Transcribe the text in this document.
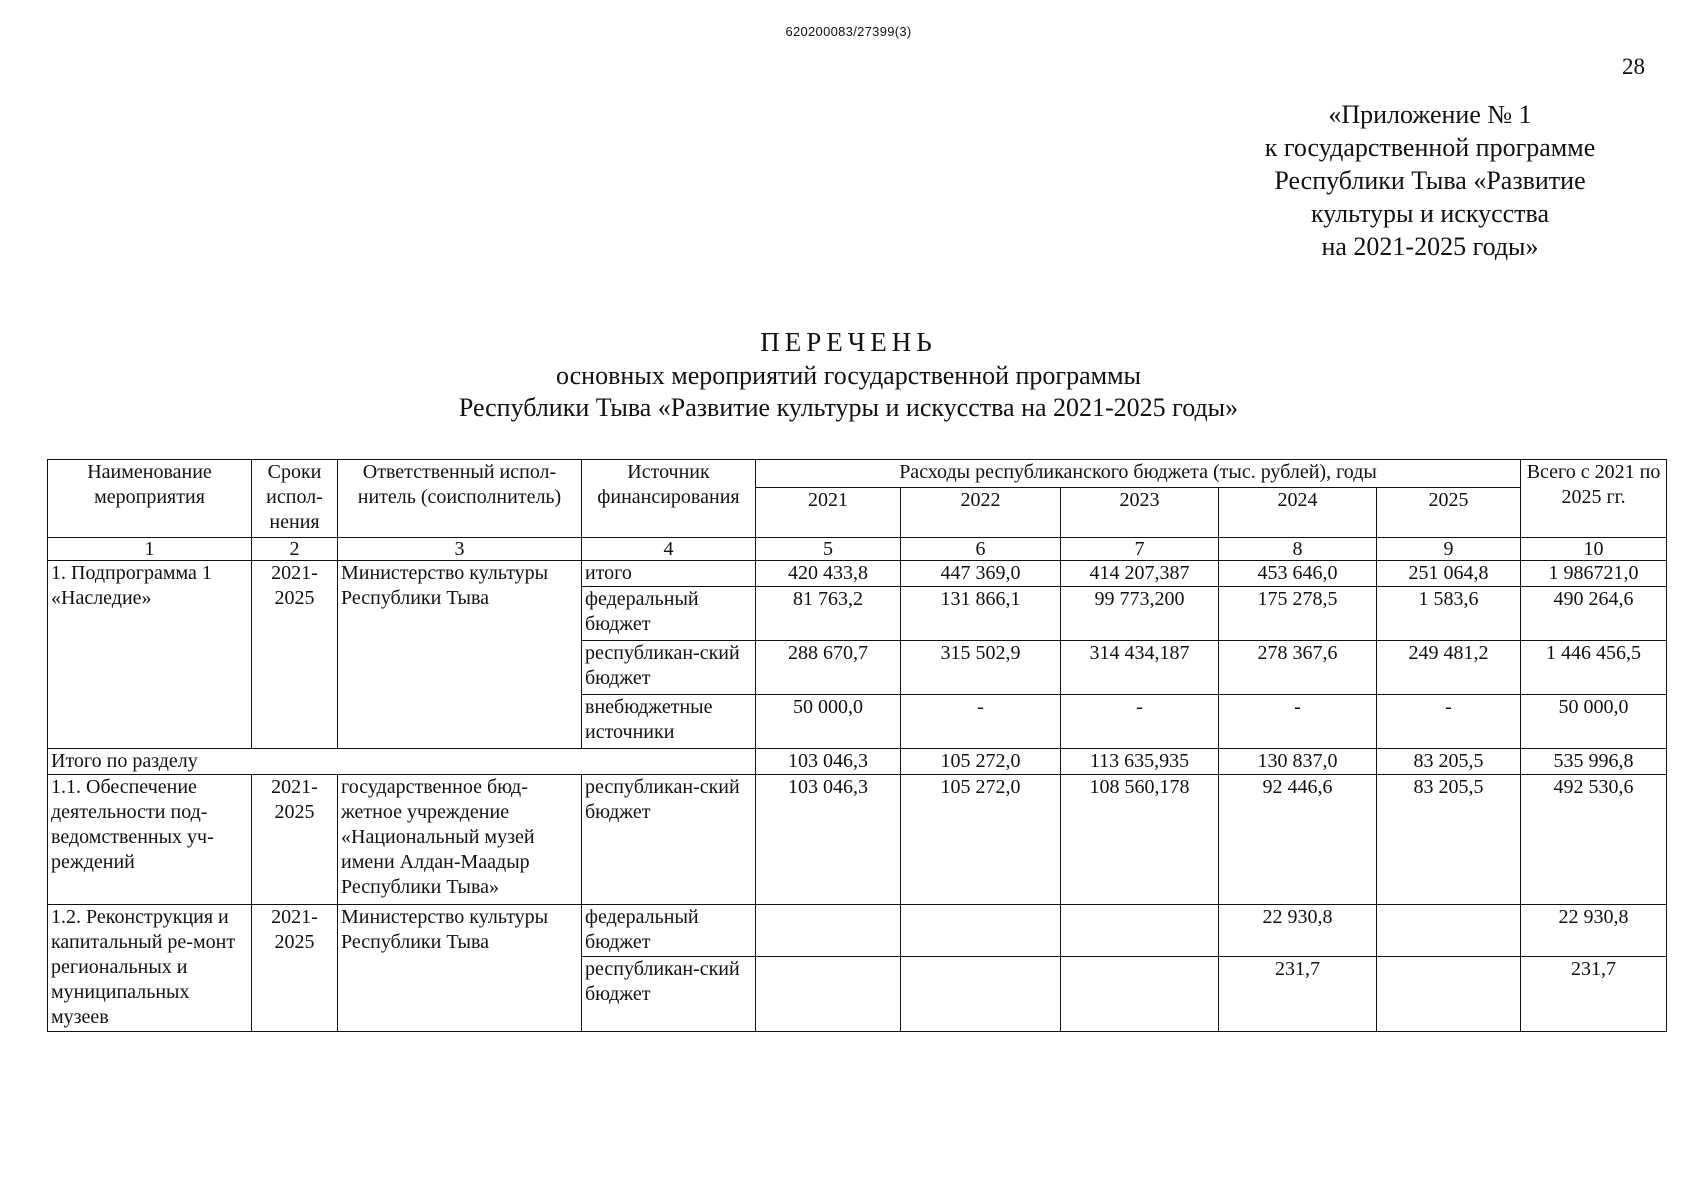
620200083/27399(3)
28
«Приложение № 1
к государственной программе
Республики Тыва «Развитие
культуры и искусства
на 2021-2025 годы»
ПЕРЕЧЕНЬ
основных мероприятий государственной программы
Республики Тыва «Развитие культуры и искусства на 2021-2025 годы»
Наименование мероприятия	Сроки испол-нения	Ответственный испол-нитель (соисполнитель)	Источник финансирования	Расходы республиканского бюджета (тыс. рублей), годы					Всего с 2021 по 2025 гг.
				2021	2022	2023	2024	2025	
1	2	3	4	5	6	7	8	9	10
1. Подпрограмма 1 «Наследие»	2021-2025	Министерство культуры Республики Тыва	итого	420 433,8	447 369,0	414 207,387	453 646,0	251 064,8	1 986721,0
			федеральный бюджет	81 763,2	131 866,1	99 773,200	175 278,5	1 583,6	490 264,6
			республикан-ский бюджет	288 670,7	315 502,9	314 434,187	278 367,6	249 481,2	1 446 456,5
			внебюджетные источники	50 000,0	-	-	-	-	50 000,0
Итого по разделу				103 046,3	105 272,0	113 635,935	130 837,0	83 205,5	535 996,8
1.1. Обеспечение деятельности под-ведомственных уч-реждений	2021-2025	государственное бюд-жетное учреждение «Национальный музей имени Алдан-Маадыр Республики Тыва»	республикан-ский бюджет	103 046,3	105 272,0	108 560,178	92 446,6	83 205,5	492 530,6
1.2. Реконструкция и капитальный ре-монт региональных и муниципальных музеев	2021-2025	Министерство культуры Республики Тыва	федеральный бюджет				22 930,8		22 930,8
			республикан-ский бюджет				231,7		231,7
